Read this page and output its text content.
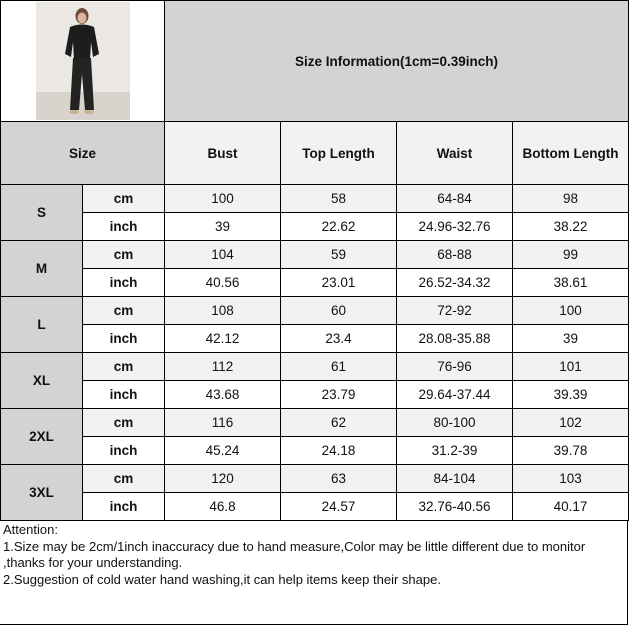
	Size Information(1cm=0.39inch)			
Size		Bust	Top Length	Waist	Bottom Length
S	cm	100	58	64-84	98
	inch	39	22.62	24.96-32.76	38.22
M	cm	104	59	68-88	99
	inch	40.56	23.01	26.52-34.32	38.61
L	cm	108	60	72-92	100
	inch	42.12	23.4	28.08-35.88	39
XL	cm	112	61	76-96	101
	inch	43.68	23.79	29.64-37.44	39.39
2XL	cm	116	62	80-100	102
	inch	45.24	24.18	31.2-39	39.78
3XL	cm	120	63	84-104	103
	inch	46.8	24.57	32.76-40.56	40.17
Attention:
1.Size may be 2cm/1inch inaccuracy due to hand measure,Color may be little different due to monitor ,thanks for your understanding.
2.Suggestion of cold water hand washing,it can help items keep their shape.
